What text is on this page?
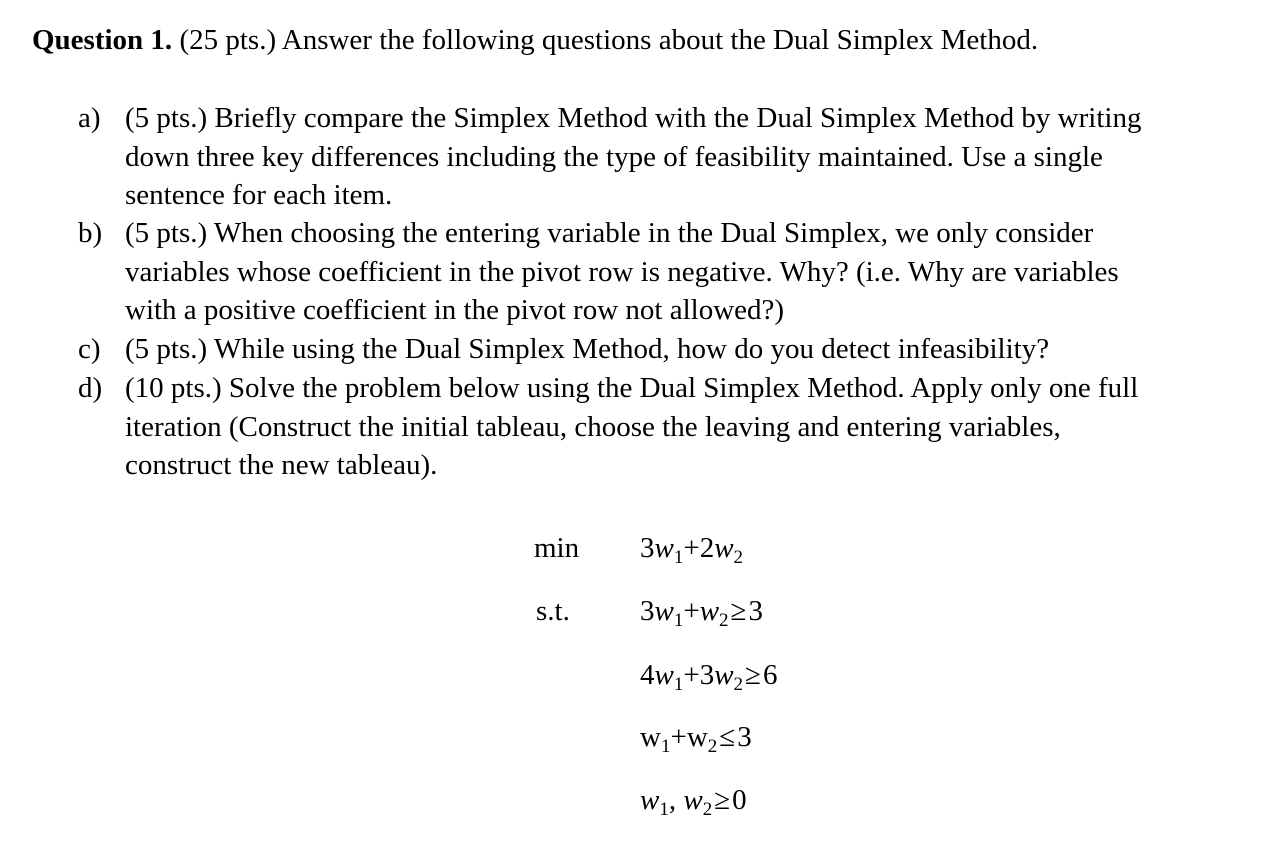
Question 1. (25 pts.) Answer the following questions about the Dual Simplex Method.
a) (5 pts.) Briefly compare the Simplex Method with the Dual Simplex Method by writing
down three key differences including the type of feasibility maintained. Use a single
sentence for each item.
b) (5 pts.) When choosing the entering variable in the Dual Simplex, we only consider
variables whose coefficient in the pivot row is negative. Why? (i.e. Why are variables
with a positive coefficient in the pivot row not allowed?)
c) (5 pts.) While using the Dual Simplex Method, how do you detect infeasibility?
d) (10 pts.) Solve the problem below using the Dual Simplex Method. Apply only one full
iteration (Construct the initial tableau, choose the leaving and entering variables,
construct the new tableau).
min
s.t.
$3w_1+2w_2$
$3w_1+w_2\ge 3$
$4w_1+3w_2\ge 6$
$w_1+w_2\le 3$
$w_1$, $w_2\ge 0$
